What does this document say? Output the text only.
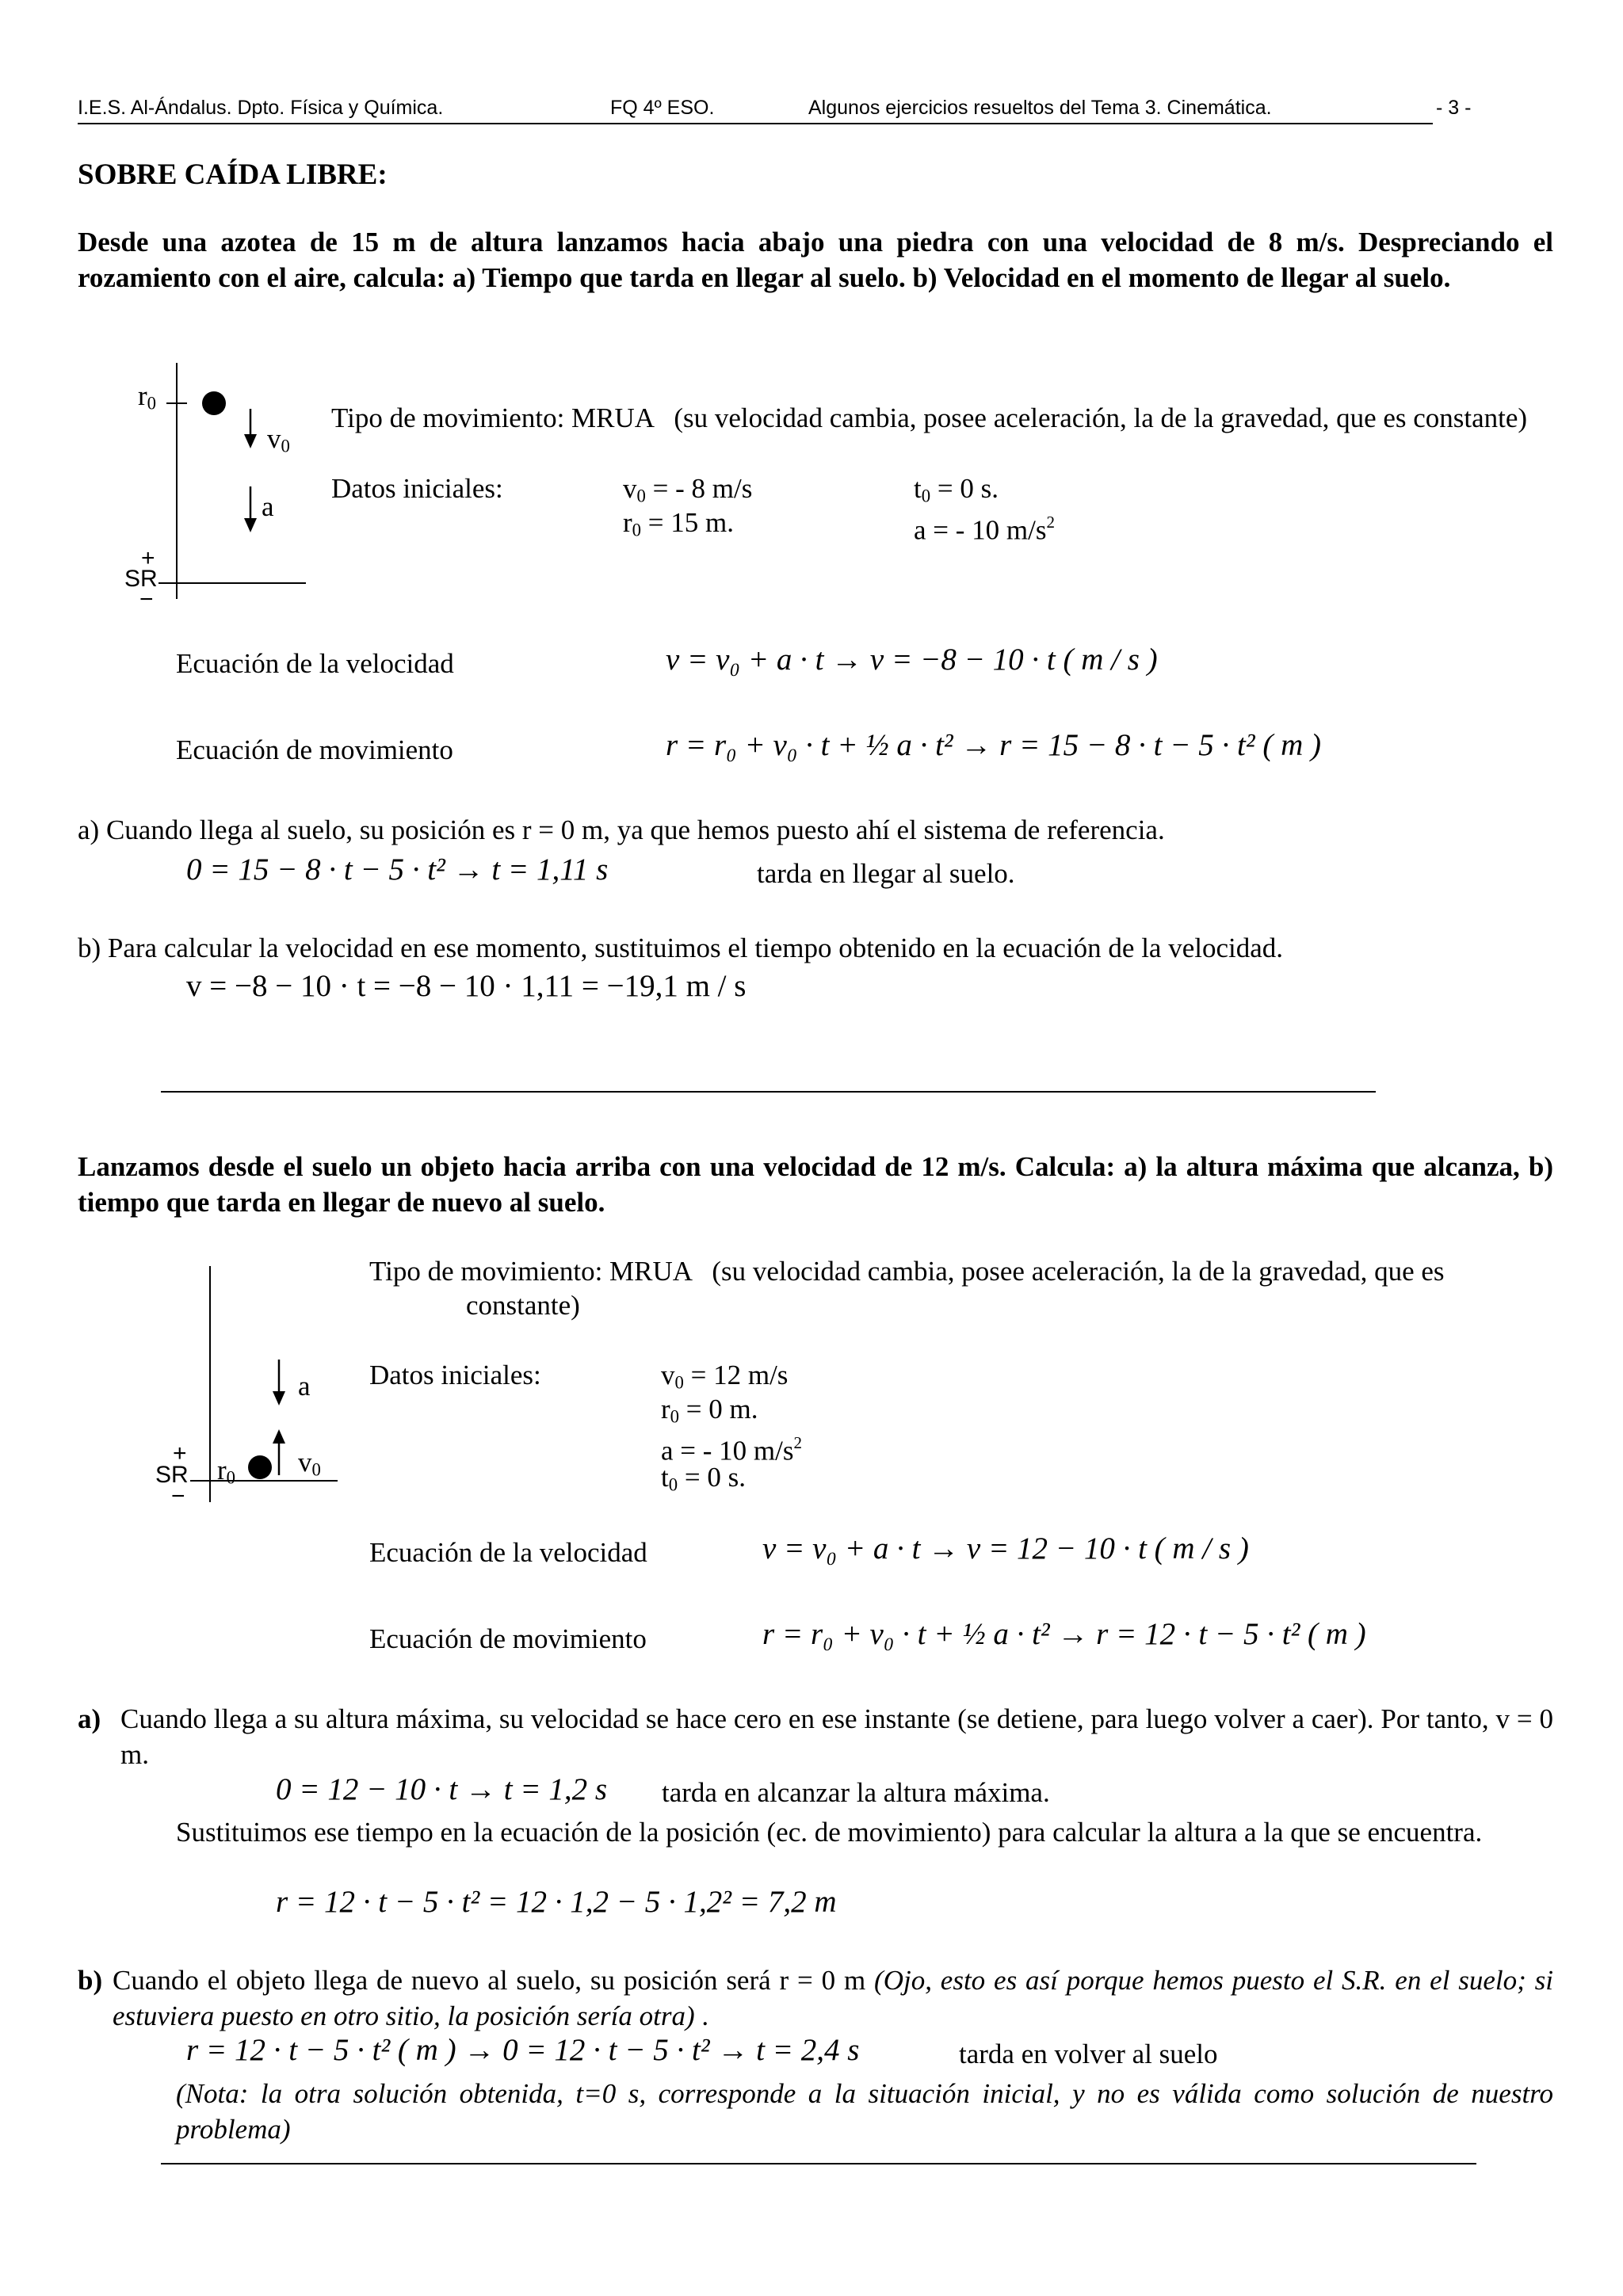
I.E.S. Al-Ándalus. Dpto. Física y Química.	FQ 4º ESO.	Algunos ejercicios resueltos del Tema 3. Cinemática.	- 3 -
SOBRE CAÍDA LIBRE:
Desde una azotea de 15 m de altura lanzamos hacia abajo una piedra con una velocidad de 8 m/s. Despreciando el rozamiento con el aire, calcula: a) Tiempo que tarda en llegar al suelo. b) Velocidad en el momento de llegar al suelo.
$r_0$
$v_0$
a
+
SR
−
Tipo de movimiento: MRUA (su velocidad cambia, posee aceleración, la de la gravedad, que es constante)
Datos iniciales:	$v_0$ = - 8 m/s	$t_0 = 0$ s.
$r_0 = 15$ m.	a = - 10 $m/s^2$
Ecuación de la velocidad	v = v₀ + a · t → v = −8 − 10 · t ( m / s )
Ecuación de movimiento	r = r₀ + v₀ · t + ½ a · t² → r = 15 − 8 · t − 5 · t² ( m )
a) Cuando llega al suelo, su posición es r = 0 m, ya que hemos puesto ahí el sistema de referencia.
0 = 15 − 8 · t − 5 · t² → t = 1,11 s	tarda en llegar al suelo.
b) Para calcular la velocidad en ese momento, sustituimos el tiempo obtenido en la ecuación de la velocidad.
v = −8 − 10 · t = −8 − 10 · 1,11 = −19,1 m / s
Lanzamos desde el suelo un objeto hacia arriba con una velocidad de 12 m/s. Calcula: a) la altura máxima que alcanza, b) tiempo que tarda en llegar de nuevo al suelo.
a
$v_0$
$r_0$
+
SR
−
Tipo de movimiento: MRUA (su velocidad cambia, posee aceleración, la de la gravedad, que es
constante)
Datos iniciales:	$v_0 = 12$ m/s
$r_0 = 0$ m.
a = - 10 $m/s^2$
$t_0 = 0$ s.
Ecuación de la velocidad	v = v₀ + a · t → v = 12 − 10 · t ( m / s )
Ecuación de movimiento	r = r₀ + v₀ · t + ½ a · t² → r = 12 · t − 5 · t² ( m )
a) Cuando llega a su altura máxima, su velocidad se hace cero en ese instante (se detiene, para luego volver a caer). Por tanto, v = 0 m.
0 = 12 − 10 · t → t = 1,2 s tarda en alcanzar la altura máxima.
Sustituimos ese tiempo en la ecuación de la posición (ec. de movimiento) para calcular la altura a la que se encuentra.
r = 12 · t − 5 · t² = 12 · 1,2 − 5 · 1,2² = 7,2 m
b) Cuando el objeto llega de nuevo al suelo, su posición será r = 0 m (Ojo, esto es así porque hemos puesto el S.R. en el suelo; si estuviera puesto en otro sitio, la posición sería otra) .
r = 12 · t − 5 · t² ( m ) → 0 = 12 · t − 5 · t² → t = 2,4 s	tarda en volver al suelo
(Nota: la otra solución obtenida, t=0 s, corresponde a la situación inicial, y no es válida como solución de nuestro problema)
